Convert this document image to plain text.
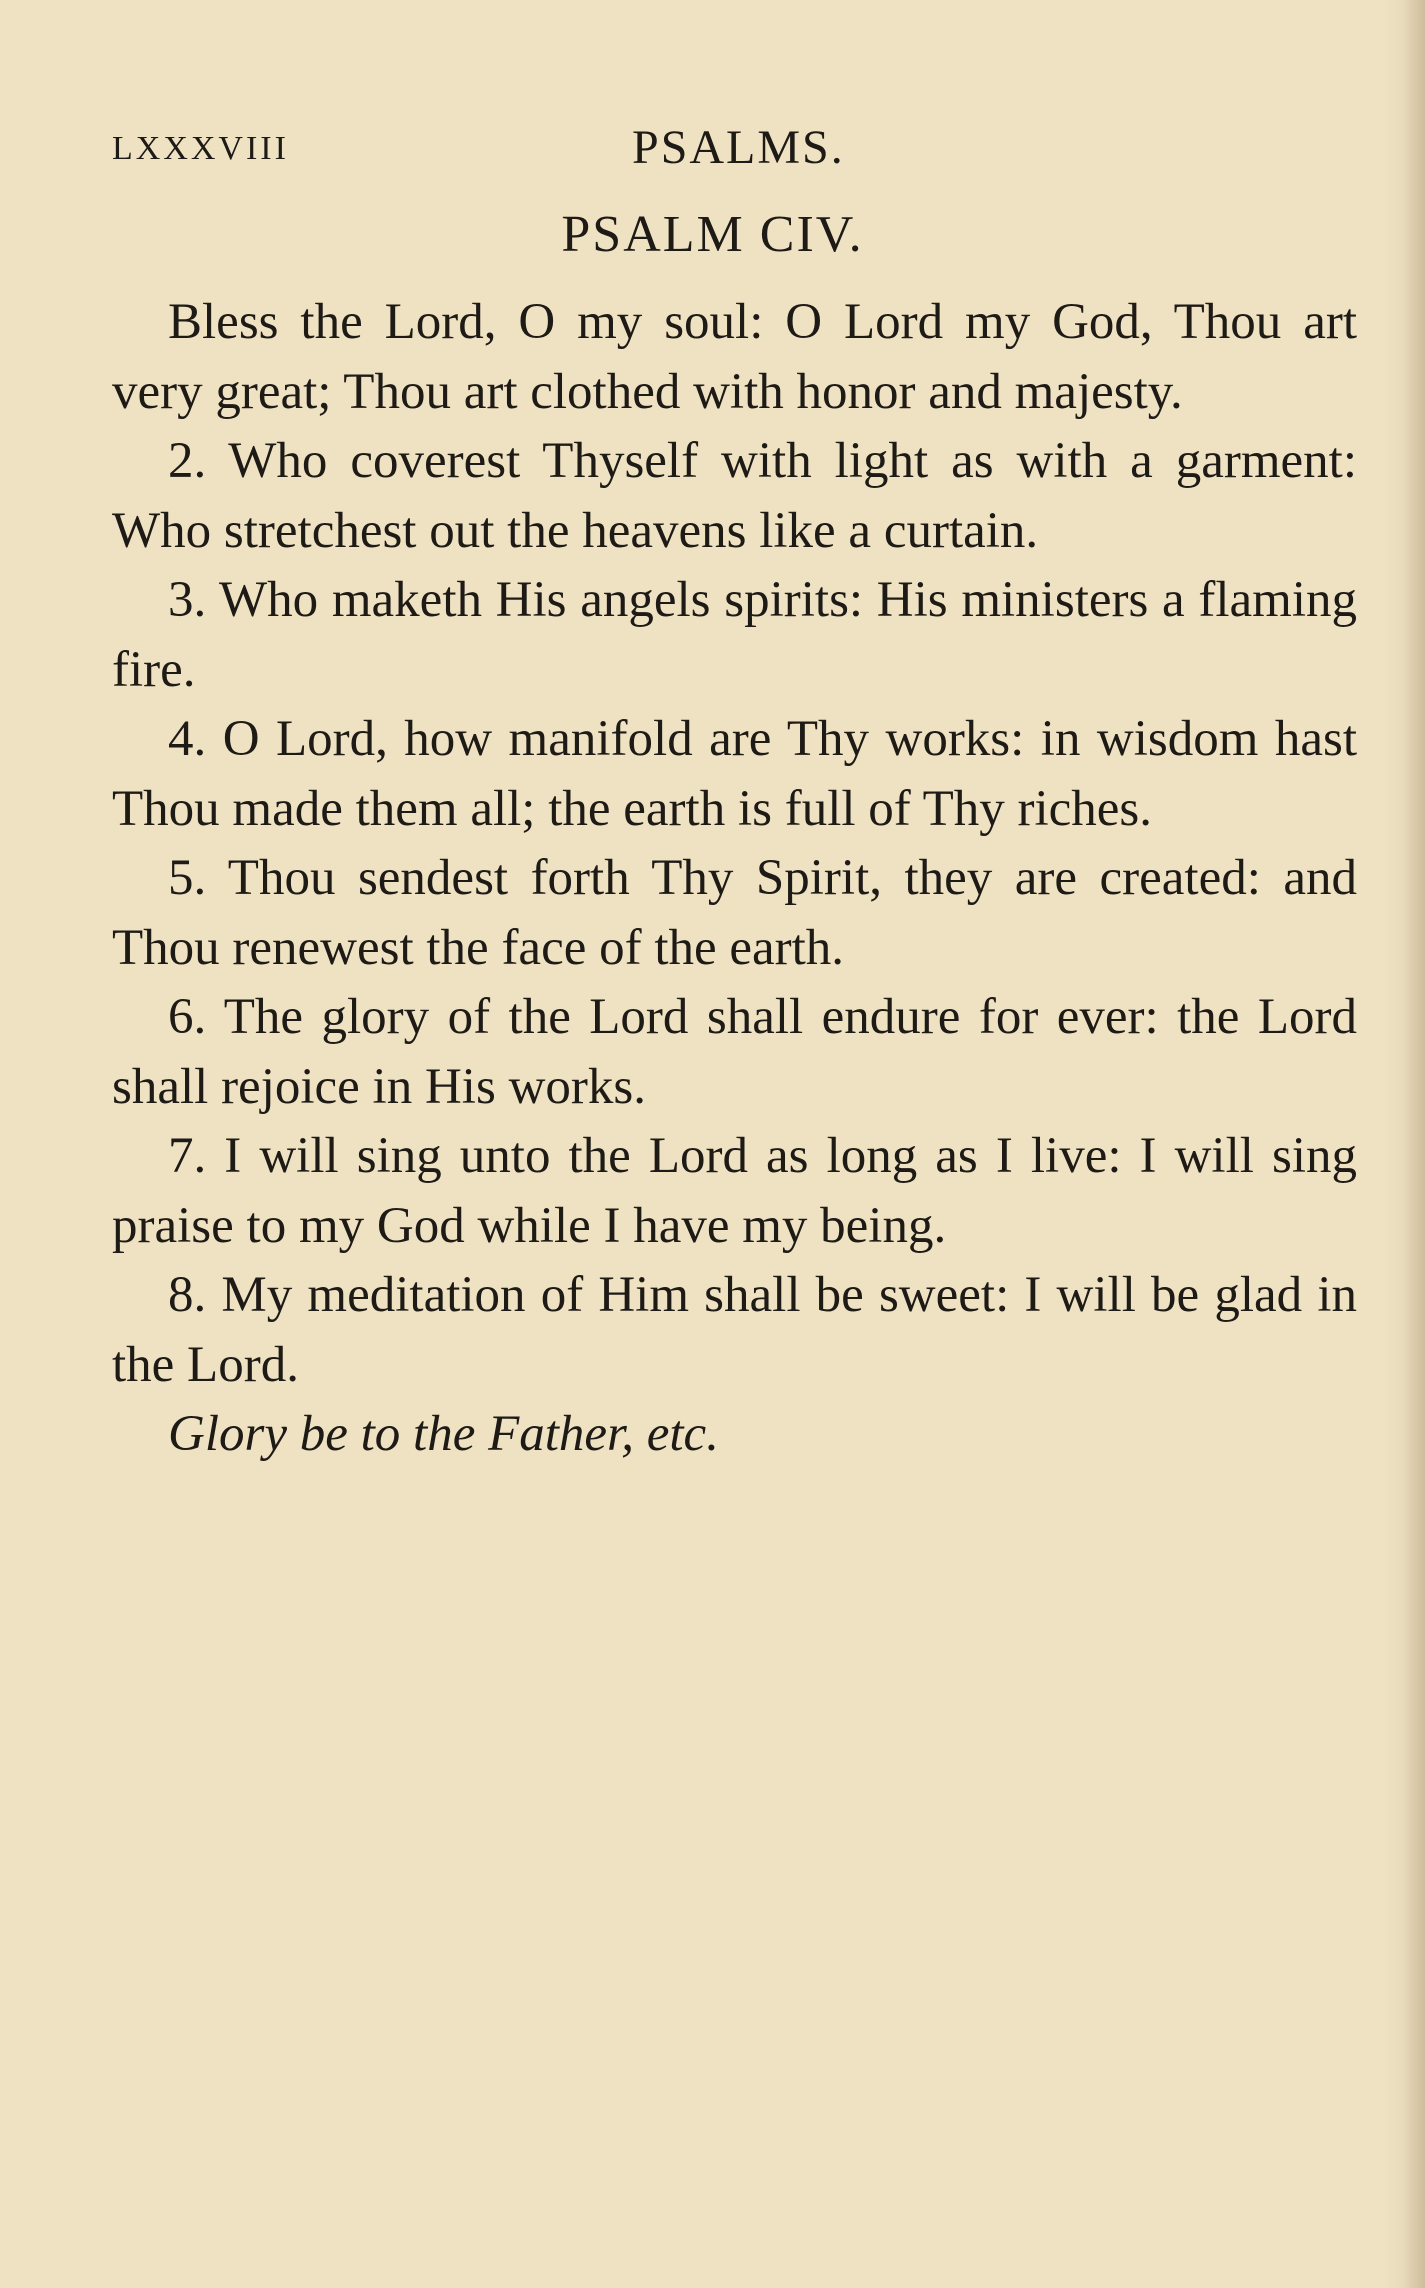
LXXXVIII	PSALMS.
PSALM CIV.

Bless the Lord, O my soul: O Lord my God, Thou art very great; Thou art clothed with honor and majesty.

2. Who coverest Thyself with light as with a garment: Who stretchest out the heavens like a curtain.

3. Who maketh His angels spirits: His ministers a flaming fire.

4. O Lord, how manifold are Thy works: in wisdom hast Thou made them all; the earth is full of Thy riches.

5. Thou sendest forth Thy Spirit, they are created: and Thou renewest the face of the earth.

6. The glory of the Lord shall endure for ever: the Lord shall rejoice in His works.

7. I will sing unto the Lord as long as I live: I will sing praise to my God while I have my being.

8. My meditation of Him shall be sweet: I will be glad in the Lord.

Glory be to the Father, etc.
